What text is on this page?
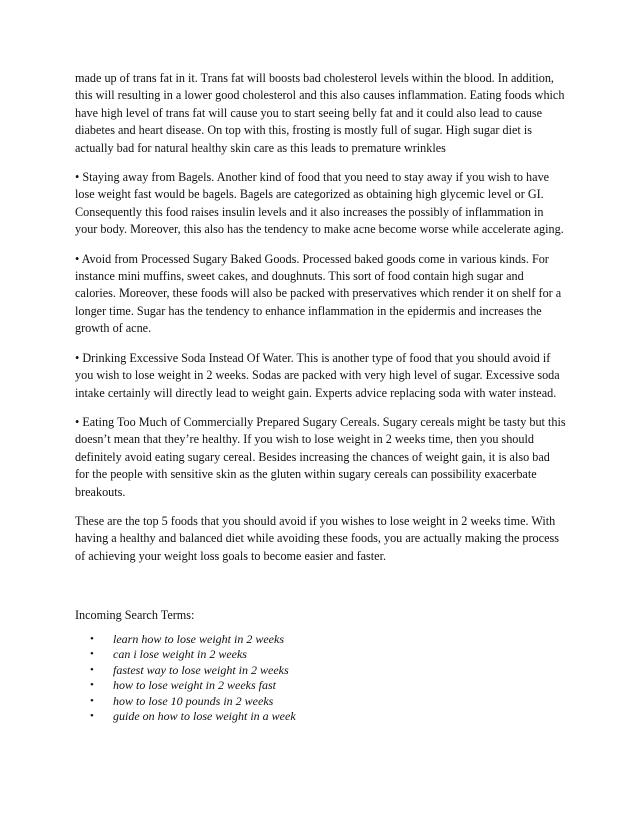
made up of trans fat in it. Trans fat will boosts bad cholesterol levels within the blood. In addition, this will resulting in a lower good cholesterol and this also causes inflammation. Eating foods which have high level of trans fat will cause you to start seeing belly fat and it could also lead to cause diabetes and heart disease. On top with this, frosting is mostly full of sugar. High sugar diet is actually bad for natural healthy skin care as this leads to premature wrinkles

• Staying away from Bagels. Another kind of food that you need to stay away if you wish to have lose weight fast would be bagels. Bagels are categorized as obtaining high glycemic level or GI. Consequently this food raises insulin levels and it also increases the possibly of inflammation in your body. Moreover, this also has the tendency to make acne become worse while accelerate aging.

• Avoid from Processed Sugary Baked Goods. Processed baked goods come in various kinds. For instance mini muffins, sweet cakes, and doughnuts. This sort of food contain high sugar and calories. Moreover, these foods will also be packed with preservatives which render it on shelf for a longer time. Sugar has the tendency to enhance inflammation in the epidermis and increases the growth of acne.

• Drinking Excessive Soda Instead Of Water. This is another type of food that you should avoid if you wish to lose weight in 2 weeks. Sodas are packed with very high level of sugar. Excessive soda intake certainly will directly lead to weight gain. Experts advice replacing soda with water instead.

• Eating Too Much of Commercially Prepared Sugary Cereals. Sugary cereals might be tasty but this doesn’t mean that they’re healthy. If you wish to lose weight in 2 weeks time, then you should definitely avoid eating sugary cereal. Besides increasing the chances of weight gain, it is also bad for the people with sensitive skin as the gluten within sugary cereals can possibility exacerbate breakouts.

These are the top 5 foods that you should avoid if you wishes to lose weight in 2 weeks time. With having a healthy and balanced diet while avoiding these foods, you are actually making the process of achieving your weight loss goals to become easier and faster.

Incoming Search Terms:

• learn how to lose weight in 2 weeks
• can i lose weight in 2 weeks
• fastest way to lose weight in 2 weeks
• how to lose weight in 2 weeks fast
• how to lose 10 pounds in 2 weeks
• guide on how to lose weight in a week
